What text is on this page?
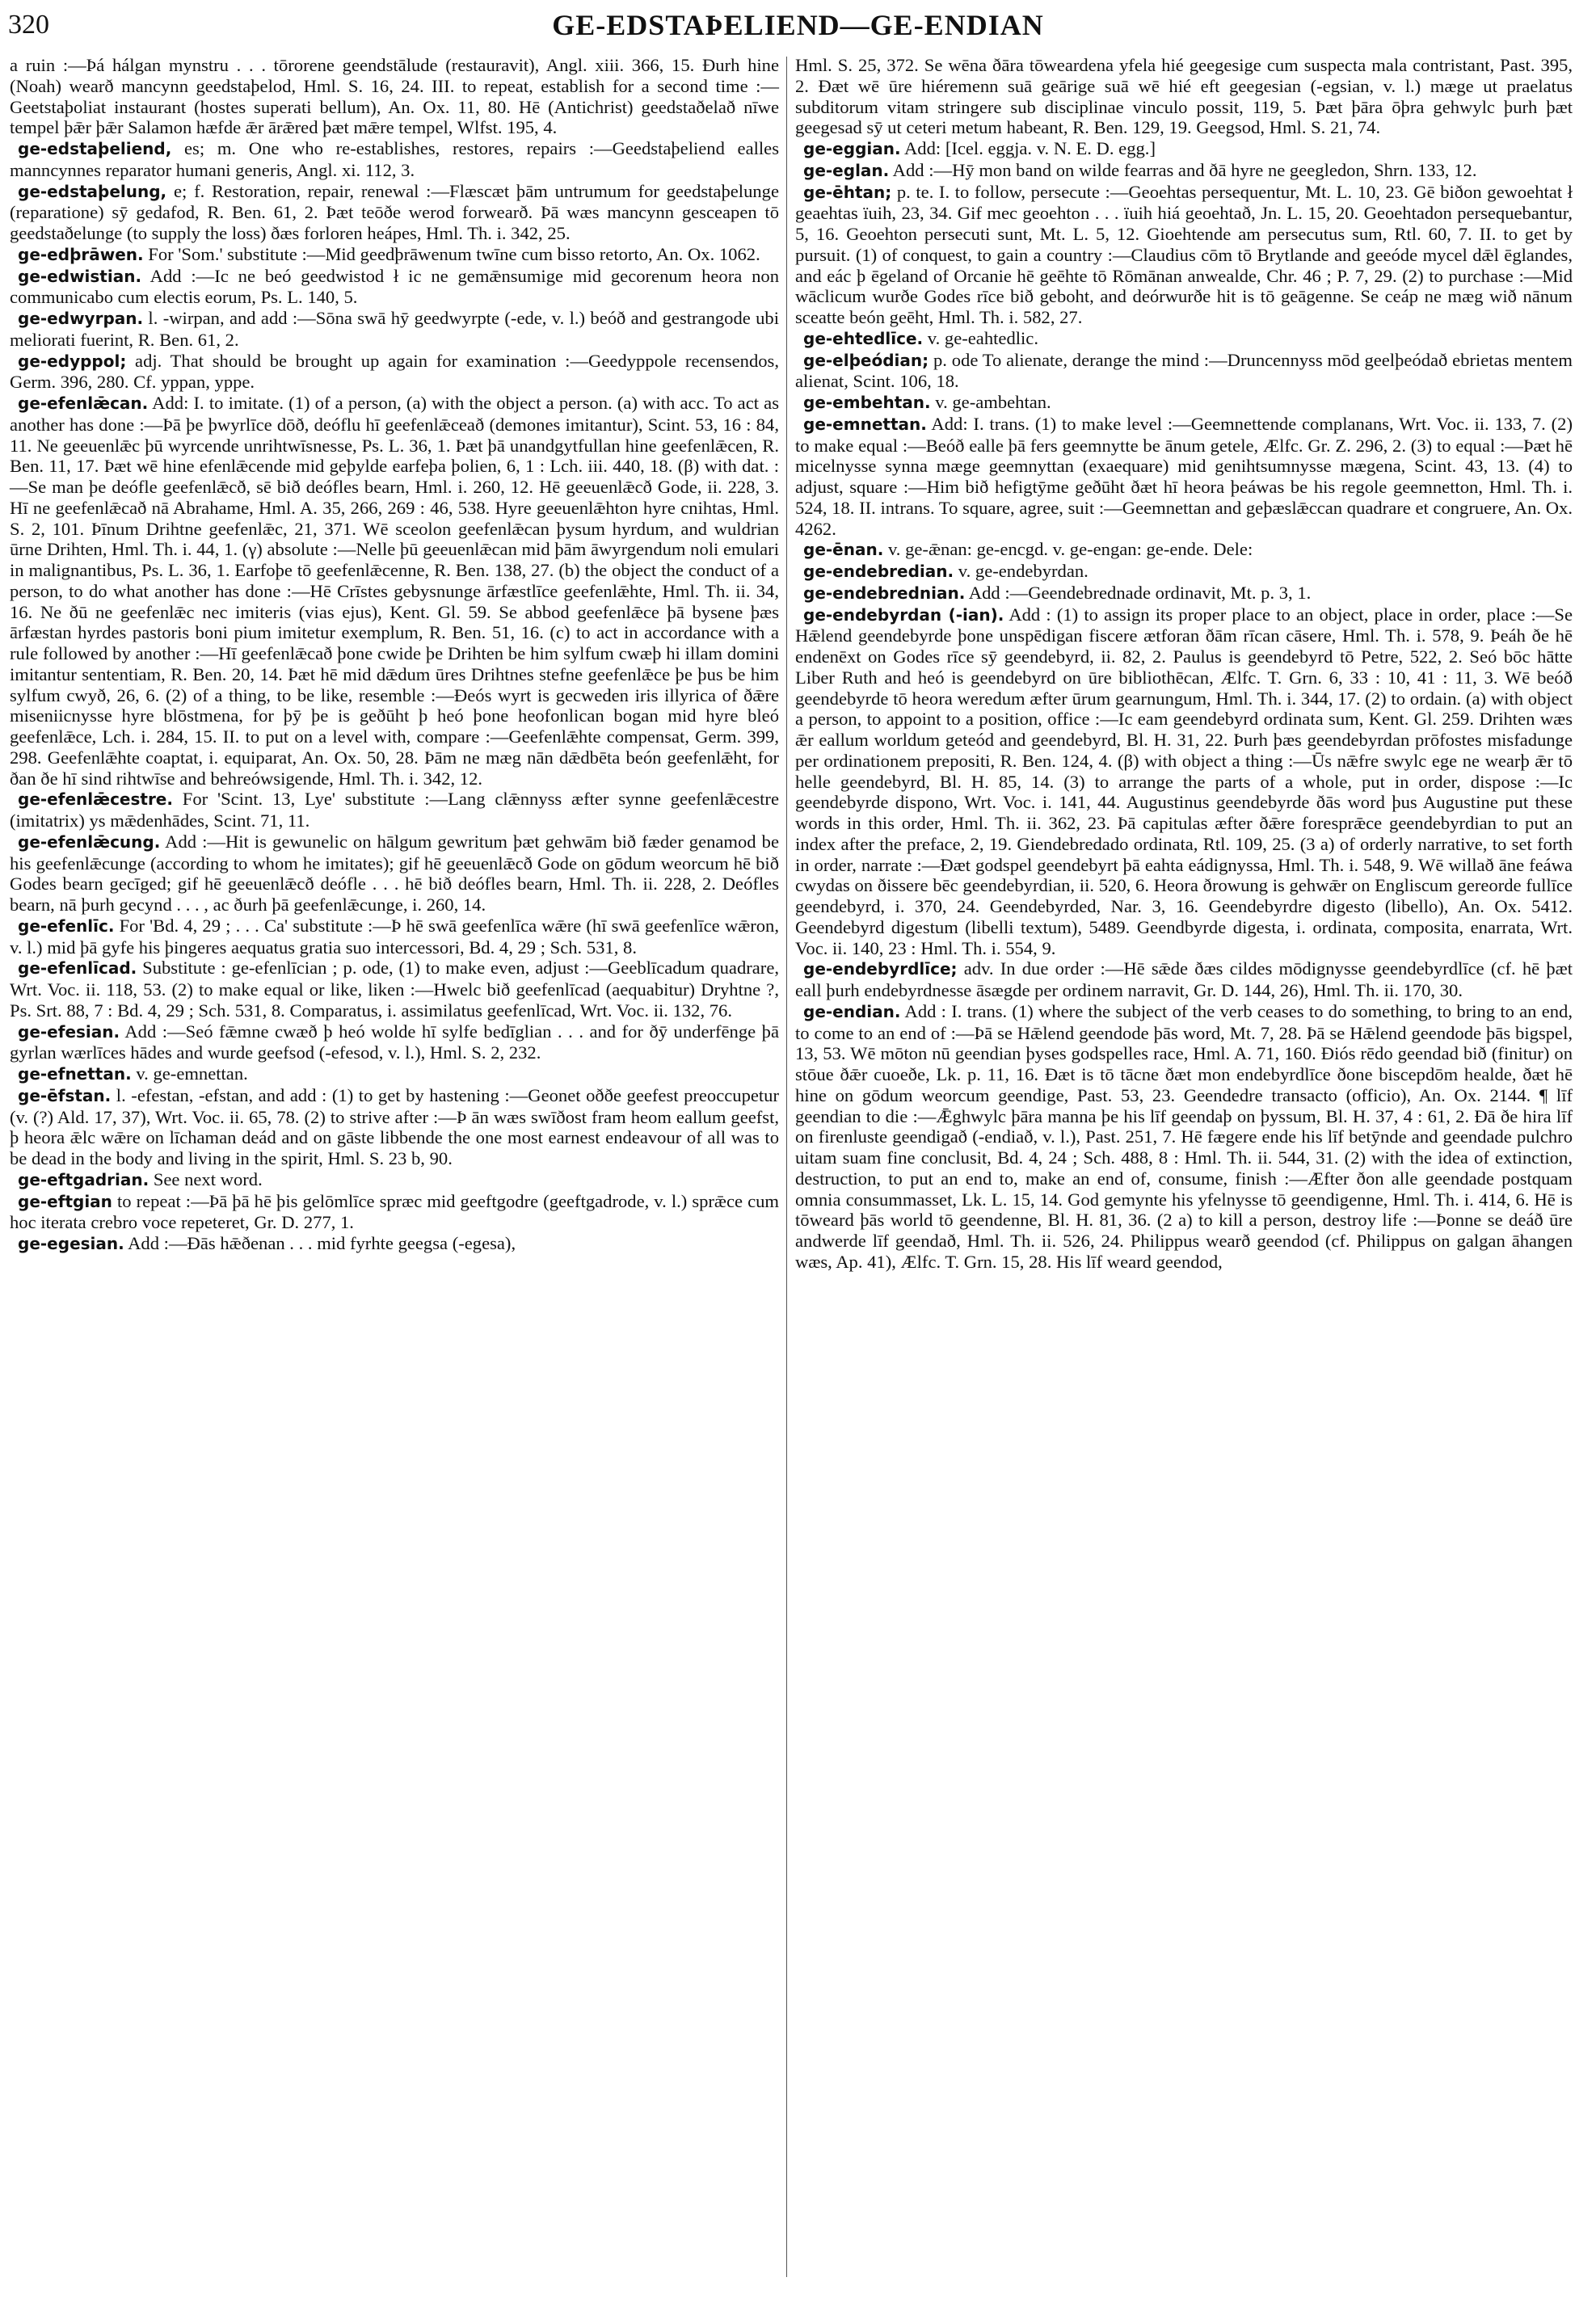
320	GE-EDSTAÞELIEND—GE-ENDIAN

a ruin :—Þá hálgan mynstru . . . tōrorene geendstālude (restauravit), Angl. xiii. 366, 15. Ðurh hine (Noah) wearð mancynn geedstaþelod, Hml. S. 16, 24. III. to repeat, establish for a second time :—Geetstaþoliat instaurant (hostes superati bellum), An. Ox. 11, 80. Hē (Antichrist) geedstaðelað nīwe tempel þǣr þǣr Salamon hæfde ǣr ārǣred þæt mǣre tempel, Wlfst. 195, 4.

ge-edstaþeliend, es; m. One who re-establishes, restores, repairs :—Geedstaþeliend ealles manncynnes reparator humani generis, Angl. xi. 112, 3.

ge-edstaþelung, e; f. Restoration, repair, renewal :—Flæscæt þām untrumum for geedstaþelunge (reparatione) sȳ gedafod, R. Ben. 61, 2. Þæt teōðe werod forwearð. Þā wæs mancynn gesceapen tō geedstaðelunge (to supply the loss) ðæs forloren heápes, Hml. Th. i. 342, 25.

ge-edþrāwen. For 'Som.' substitute :—Mid geedþrāwenum twīne cum bisso retorto, An. Ox. 1062.

ge-edwistian. Add :—Ic ne beó geedwistod ł ic ne gemǣnsumige mid gecorenum heora non communicabo cum electis eorum, Ps. L. 140, 5.

ge-edwyrpan. l. -wirpan, and add :—Sōna swā hȳ geedwyrpte (-ede, v. l.) beóð and gestrangode ubi meliorati fuerint, R. Ben. 61, 2.

ge-edyppol; adj. That should be brought up again for examination :—Geedyppole recensendos, Germ. 396, 280. Cf. yppan, yppe.

ge-efenlǣcan. Add: I. to imitate. (1) of a person, (a) with the object a person. (a) with acc. To act as another has done :—Þā þe þwyrlīce dōð, deóflu hī geefenlǣceað (demones imitantur), Scint. 53, 16 : 84, 11. Ne geeuenlǣc þū wyrcende unrihtwīsnesse, Ps. L. 36, 1. Þæt þā unandgytfullan hine geefenlǣcen, R. Ben. 11, 17. Þæt wē hine efenlǣcende mid geþylde earfeþa þolien, 6, 1 : Lch. iii. 440, 18. (β) with dat. :—Se man þe deófle geefenlǣcð, sē bið deófles bearn, Hml. i. 260, 12. Hē geeuenlǣcð Gode, ii. 228, 3. Hī ne geefenlǣcað nā Abrahame, Hml. A. 35, 266, 269 : 46, 538. Hyre geeuenlǣhton hyre cnihtas, Hml. S. 2, 101. Þīnum Drihtne geefenlǣc, 21, 371. Wē sceolon geefenlǣcan þysum hyrdum, and wuldrian ūrne Drihten, Hml. Th. i. 44, 1. (γ) absolute :—Nelle þū geeuenlǣcan mid þām āwyrgendum noli emulari in malignantibus, Ps. L. 36, 1. Earfoþe tō geefenlǣcenne, R. Ben. 138, 27. (b) the object the conduct of a person, to do what another has done :—Hē Crīstes gebysnunge ārfæstlīce geefenlǣhte, Hml. Th. ii. 34, 16. Ne ðū ne geefenlǣc nec imiteris (vias ejus), Kent. Gl. 59. Se abbod geefenlǣce þā bysene þæs ārfæstan hyrdes pastoris boni pium imitetur exemplum, R. Ben. 51, 16. (c) to act in accordance with a rule followed by another :—Hī geefenlǣcað þone cwide þe Drihten be him sylfum cwæþ hi illam domini imitantur sententiam, R. Ben. 20, 14. Þæt hē mid dǣdum ūres Drihtnes stefne geefenlǣce þe þus be him sylfum cwyð, 26, 6. (2) of a thing, to be like, resemble :—Ðeós wyrt is gecweden iris illyrica of ðǣre miseniicnysse hyre blōstmena, for þȳ þe is geðūht þ heó þone heofonlican bogan mid hyre bleó geefenlǣce, Lch. i. 284, 15. II. to put on a level with, compare :—Geefenlǣhte compensat, Germ. 399, 298. Geefenlǣhte coaptat, i. equiparat, An. Ox. 50, 28. Þām ne mæg nān dǣdbēta beón geefenlǣht, for ðan ðe hī sind rihtwīse and behreówsigende, Hml. Th. i. 342, 12.

ge-efenlǣcestre. For 'Scint. 13, Lye' substitute :—Lang clǣnnyss æfter synne geefenlǣcestre (imitatrix) ys mǣdenhādes, Scint. 71, 11.

ge-efenlǣcung. Add :—Hit is gewunelic on hālgum gewritum þæt gehwām bið fæder genamod be his geefenlǣcunge (according to whom he imitates); gif hē geeuenlǣcð Gode on gōdum weorcum hē bið Godes bearn gecīged; gif hē geeuenlǣcð deófle . . . hē bið deófles bearn, Hml. Th. ii. 228, 2. Deófles bearn, nā þurh gecynd . . . , ac ðurh þā geefenlǣcunge, i. 260, 14.

ge-efenlīc. For 'Bd. 4, 29 ; . . . Ca' substitute :—Þ hē swā geefenlīca wǣre (hī swā geefenlīce wǣron, v. l.) mid þā gyfe his þingeres aequatus gratia suo intercessori, Bd. 4, 29 ; Sch. 531, 8.

ge-efenlīcad. Substitute : ge-efenlīcian ; p. ode, (1) to make even, adjust :—Geeblīcadum quadrare, Wrt. Voc. ii. 118, 53. (2) to make equal or like, liken :—Hwelc bið geefenlīcad (aequabitur) Dryhtne ?, Ps. Srt. 88, 7 : Bd. 4, 29 ; Sch. 531, 8. Comparatus, i. assimilatus geefenlīcad, Wrt. Voc. ii. 132, 76.

ge-efesian. Add :—Seó fǣmne cwæð þ heó wolde hī sylfe bedīglian . . . and for ðȳ underfēnge þā gyrlan wærlīces hādes and wurde geefsod (-efesod, v. l.), Hml. S. 2, 232.

ge-efnettan. v. ge-emnettan.

ge-ēfstan. l. -efestan, -efstan, and add : (1) to get by hastening :—Geonet oððe geefest preoccupetur (v. (?) Ald. 17, 37), Wrt. Voc. ii. 65, 78. (2) to strive after :—Þ ān wæs swīðost fram heom eallum geefst, þ heora ǣlc wǣre on līchaman deád and on gāste libbende the one most earnest endeavour of all was to be dead in the body and living in the spirit, Hml. S. 23 b, 90.

ge-eftgadrian. See next word.

ge-eftgian to repeat :—Þā þā hē þis gelōmlīce spræc mid geeftgodre (geeftgadrode, v. l.) sprǣce cum hoc iterata crebro voce repeteret, Gr. D. 277, 1.

ge-egesian. Add :—Ðās hǣðenan . . . mid fyrhte geegsa (-egesa),

Hml. S. 25, 372. Se wēna ðāra tōweardena yfela hié geegesige cum suspecta mala contristant, Past. 395, 2. Ðæt wē ūre hiéremenn suā geārige suā wē hié eft geegesian (-egsian, v. l.) mæge ut praelatus subditorum vitam stringere sub disciplinae vinculo possit, 119, 5. Þæt þāra ōþra gehwylc þurh þæt geegesad sȳ ut ceteri metum habeant, R. Ben. 129, 19. Geegsod, Hml. S. 21, 74.

ge-eggian. Add: [Icel. eggja. v. N. E. D. egg.]

ge-eglan. Add :—Hȳ mon band on wilde fearras and ðā hyre ne geegledon, Shrn. 133, 12.

ge-ēhtan; p. te. I. to follow, persecute :—Geoehtas persequentur, Mt. L. 10, 23. Gē biðon gewoehtat ł geaehtas ïuih, 23, 34. Gif mec geoehton . . . ïuih hiá geoehtað, Jn. L. 15, 20. Geoehtadon persequebantur, 5, 16. Geoehton persecuti sunt, Mt. L. 5, 12. Gioehtende am persecutus sum, Rtl. 60, 7. II. to get by pursuit. (1) of conquest, to gain a country :—Claudius cōm tō Brytlande and geeóde mycel dǣl ēglandes, and eác þ ēgeland of Orcanie hē geēhte tō Rōmānan anwealde, Chr. 46 ; P. 7, 29. (2) to purchase :—Mid wāclicum wurðe Godes rīce bið geboht, and deórwurðe hit is tō geāgenne. Se ceáp ne mæg wið nānum sceatte beón geēht, Hml. Th. i. 582, 27.

ge-ehtedlīce. v. ge-eahtedlic.

ge-elþeódian; p. ode To alienate, derange the mind :—Druncennyss mōd geelþeódað ebrietas mentem alienat, Scint. 106, 18.

ge-embehtan. v. ge-ambehtan.

ge-emnettan. Add: I. trans. (1) to make level :—Geemnettende complanans, Wrt. Voc. ii. 133, 7. (2) to make equal :—Beóð ealle þā fers geemnytte be ānum getele, Ælfc. Gr. Z. 296, 2. (3) to equal :—Þæt hē micelnysse synna mæge geemnyttan (exaequare) mid genihtsumnysse mægena, Scint. 43, 13. (4) to adjust, square :—Him bið hefigtȳme geðūht ðæt hī heora þeáwas be his regole geemnetton, Hml. Th. i. 524, 18. II. intrans. To square, agree, suit :—Geemnettan and geþæslǣccan quadrare et congruere, An. Ox. 4262.

ge-ēnan. v. ge-ǣnan: ge-encgd. v. ge-engan: ge-ende. Dele:

ge-endebredian. v. ge-endebyrdan.

ge-endebrednian. Add :—Geendebrednade ordinavit, Mt. p. 3, 1.

ge-endebyrdan (-ian). Add : (1) to assign its proper place to an object, place in order, place :—Se Hǣlend geendebyrde þone unspēdigan fiscere ætforan ðām rīcan cāsere, Hml. Th. i. 578, 9. Þeáh ðe hē endenēxt on Godes rīce sȳ geendebyrd, ii. 82, 2. Paulus is geendebyrd tō Petre, 522, 2. Seó bōc hātte Liber Ruth and heó is geendebyrd on ūre bibliothēcan, Ælfc. T. Grn. 6, 33 : 10, 41 : 11, 3. Wē beóð geendebyrde tō heora weredum æfter ūrum gearnungum, Hml. Th. i. 344, 17. (2) to ordain. (a) with object a person, to appoint to a position, office :—Ic eam geendebyrd ordinata sum, Kent. Gl. 259. Drihten wæs ǣr eallum worldum geteód and geendebyrd, Bl. H. 31, 22. Þurh þæs geendebyrdan prōfostes misfadunge per ordinationem prepositi, R. Ben. 124, 4. (β) with object a thing :—Ūs nǣfre swylc ege ne wearþ ǣr tō helle geendebyrd, Bl. H. 85, 14. (3) to arrange the parts of a whole, put in order, dispose :—Ic geendebyrde dispono, Wrt. Voc. i. 141, 44. Augustinus geendebyrde ðās word þus Augustine put these words in this order, Hml. Th. ii. 362, 23. Þā capitulas æfter ðǣre foresprǣce geendebyrdian to put an index after the preface, 2, 19. Giendebredado ordinata, Rtl. 109, 25. (3 a) of orderly narrative, to set forth in order, narrate :—Ðæt godspel geendebyrt þā eahta eádignyssa, Hml. Th. i. 548, 9. Wē willað āne feáwa cwydas on ðissere bēc geendebyrdian, ii. 520, 6. Heora ðrowung is gehwǣr on Engliscum gereorde fullīce geendebyrd, i. 370, 24. Geendebyrded, Nar. 3, 16. Geendebyrdre digesto (libello), An. Ox. 5412. Geendebyrd digestum (libelli textum), 5489. Geendbyrde digesta, i. ordinata, composita, enarrata, Wrt. Voc. ii. 140, 23 : Hml. Th. i. 554, 9.

ge-endebyrdlīce; adv. In due order :—Hē sǣde ðæs cildes mōdignysse geendebyrdlīce (cf. hē þæt eall þurh endebyrdnesse āsægde per ordinem narravit, Gr. D. 144, 26), Hml. Th. ii. 170, 30.

ge-endian. Add : I. trans. (1) where the subject of the verb ceases to do something, to bring to an end, to come to an end of :—Þā se Hǣlend geendode þās word, Mt. 7, 28. Þā se Hǣlend geendode þās bigspel, 13, 53. Wē mōton nū geendian þyses godspelles race, Hml. A. 71, 160. Ðiós rēdo geendad bið (finitur) on stōue ðǣr cuoeðe, Lk. p. 11, 16. Ðæt is tō tācne ðæt mon endebyrdlīce ðone biscepdōm healde, ðæt hē hine on gōdum weorcum geendige, Past. 53, 23. Geendedre transacto (officio), An. Ox. 2144. ¶ līf geendian to die :—Ǣghwylc þāra manna þe his līf geendaþ on þyssum, Bl. H. 37, 4 : 61, 2. Ðā ðe hira līf on firenluste geendigað (-endiað, v. l.), Past. 251, 7. Hē fægere ende his līf betȳnde and geendade pulchro uitam suam fine conclusit, Bd. 4, 24 ; Sch. 488, 8 : Hml. Th. ii. 544, 31. (2) with the idea of extinction, destruction, to put an end to, make an end of, consume, finish :—Æfter ðon alle geendade postquam omnia consummasset, Lk. L. 15, 14. God gemynte his yfelnysse tō geendigenne, Hml. Th. i. 414, 6. Hē is tōweard þās world tō geendenne, Bl. H. 81, 36. (2 a) to kill a person, destroy life :—Þonne se deáð ūre andwerde līf geendað, Hml. Th. ii. 526, 24. Philippus wearð geendod (cf. Philippus on galgan āhangen wæs, Ap. 41), Ælfc. T. Grn. 15, 28. His līf weard geendod,
